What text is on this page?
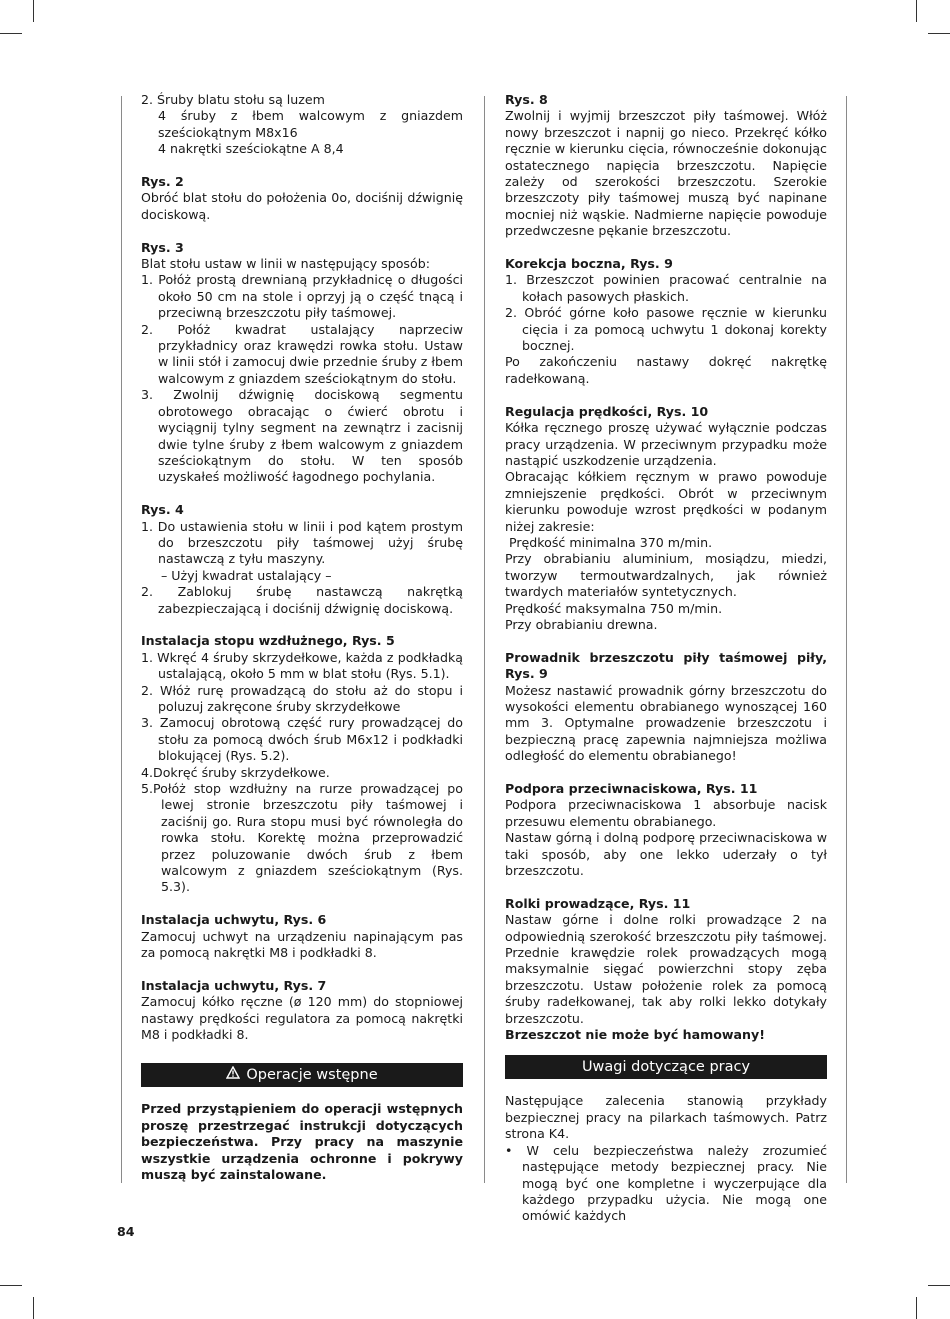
2. Śruby blatu stołu są luzem

4 śruby z łbem walcowym z gniazdem sześciokątnym M8x16

4 nakrętki sześciokątne A 8,4

Rys. 2

Obróć blat stołu do położenia 0o, dociśnij dźwignię dociskową.

Rys. 3

Blat stołu ustaw w linii w następujący sposób:

1. Połóż prostą drewnianą przykładnicę o długości około 50 cm na stole i oprzyj ją o część tnącą i przeciwną brzeszczotu piły taśmowej.

2. Połóż kwadrat ustalający naprzeciw przykładnicy oraz krawędzi rowka stołu. Ustaw w linii stół i zamocuj dwie przednie śruby z łbem walcowym z gniazdem sześciokątnym do stołu.

3. Zwolnij dźwignię dociskową segmentu obrotowego obracając o ćwierć obrotu i wyciągnij tylny segment na zewnątrz i zacisnij dwie tylne śruby z łbem walcowym z gniazdem sześciokątnym do stołu. W ten sposób uzyskałeś możliwość łagodnego pochylania.

Rys. 4

1. Do ustawienia stołu w linii i pod kątem prostym do brzeszczotu piły taśmowej użyj śrubę nastawczą z tyłu maszyny.

– Użyj kwadrat ustalający –

2. Zablokuj śrubę nastawczą nakrętką zabezpieczającą i dociśnij dźwignię dociskową.

Instalacja stopu wzdłużnego, Rys. 5

1. Wkręć 4 śruby skrzydełkowe, każda z podkładką ustalającą, około 5 mm w blat stołu (Rys. 5.1).

2. Włóż rurę prowadzącą do stołu aż do stopu i poluzuj zakręcone śruby skrzydełkowe

3. Zamocuj obrotową część rury prowadzącej do stołu za pomocą dwóch śrub M6x12 i podkładki blokującej (Rys. 5.2).

4.Dokręć śruby skrzydełkowe.

5.Połóż stop wzdłużny na rurze prowadzącej po lewej stronie brzeszczotu piły taśmowej i zaciśnij go. Rura stopu musi być równoległa do rowka stołu. Korektę można przeprowadzić przez poluzowanie dwóch śrub z łbem walcowym z gniazdem sześciokątnym (Rys. 5.3).

Instalacja uchwytu, Rys. 6

Zamocuj uchwyt na urządzeniu napinającym pas za pomocą nakrętki M8 i podkładki 8.

Instalacja uchwytu, Rys. 7

Zamocuj kółko ręczne (ø 120 mm) do stopniowej nastawy prędkości regulatora za pomocą nakrętki M8 i podkładki 8.

Operacje wstępne

Przed przystąpieniem do operacji wstępnych proszę przestrzegać instrukcji dotyczących bezpieczeństwa. Przy pracy na maszynie wszystkie urządzenia ochronne i pokrywy muszą być zainstalowane.

Rys. 8

Zwolnij i wyjmij brzeszczot piły taśmowej. Włóż nowy brzeszczot i napnij go nieco. Przekręć kółko ręcznie w kierunku cięcia, równocześnie dokonując ostatecznego napięcia brzeszczotu. Napięcie zależy od szerokości brzeszczotu. Szerokie brzeszczoty piły taśmowej muszą być napinane mocniej niż wąskie. Nadmierne napięcie powoduje przedwczesne pękanie brzeszczotu.

Korekcja boczna, Rys. 9

1. Brzeszczot powinien pracować centralnie na kołach pasowych płaskich.

2. Obróć górne koło pasowe ręcznie w kierunku cięcia i za pomocą uchwytu 1 dokonaj korekty bocznej.

Po zakończeniu nastawy dokręć nakrętkę radełkowaną.

Regulacja prędkości, Rys. 10

Kółka ręcznego proszę używać wyłącznie podczas pracy urządzenia. W przeciwnym przypadku może nastąpić uszkodzenie urządzenia.

Obracając kółkiem ręcznym w prawo powoduje zmniejszenie prędkości. Obrót w przeciwnym kierunku powoduje wzrost prędkości w podanym niżej zakresie:

Prędkość minimalna 370 m/min.

Przy obrabianiu aluminium, mosiądzu, miedzi, tworzyw termoutwardzalnych, jak również twardych materiałów syntetycznych.

Prędkość maksymalna 750 m/min.

Przy obrabianiu drewna.

Prowadnik brzeszczotu piły taśmowej piły, Rys. 9

Możesz nastawić prowadnik górny brzeszczotu do wysokości elementu obrabianego wynoszącej 160 mm 3. Optymalne prowadzenie brzeszczotu i bezpieczną pracę zapewnia najmniejsza możliwa odległość do elementu obrabianego!

Podpora przeciwnaciskowa, Rys. 11

Podpora przeciwnaciskowa 1 absorbuje nacisk przesuwu elementu obrabianego.

Nastaw górną i dolną podporę przeciwnaciskowa w taki sposób, aby one lekko uderzały o tył brzeszczotu.

Rolki prowadzące, Rys. 11

Nastaw górne i dolne rolki prowadzące 2 na odpowiednią szerokość brzeszczotu piły taśmowej. Przednie krawędzie rolek prowadzących mogą maksymalnie sięgać powierzchni stopy zęba brzeszczotu. Ustaw położenie rolek za pomocą śruby radełkowanej, tak aby rolki lekko dotykały brzeszczotu.

Brzeszczot nie może być hamowany!

Uwagi dotyczące pracy

Następujące zalecenia stanowią przykłady bezpiecznej pracy na pilarkach taśmowych. Patrz strona K4.

• W celu bezpieczeństwa należy zrozumieć następujące metody bezpiecznej pracy. Nie mogą być one kompletne i wyczerpujące dla każdego przypadku użycia. Nie mogą one omówić każdych

84
